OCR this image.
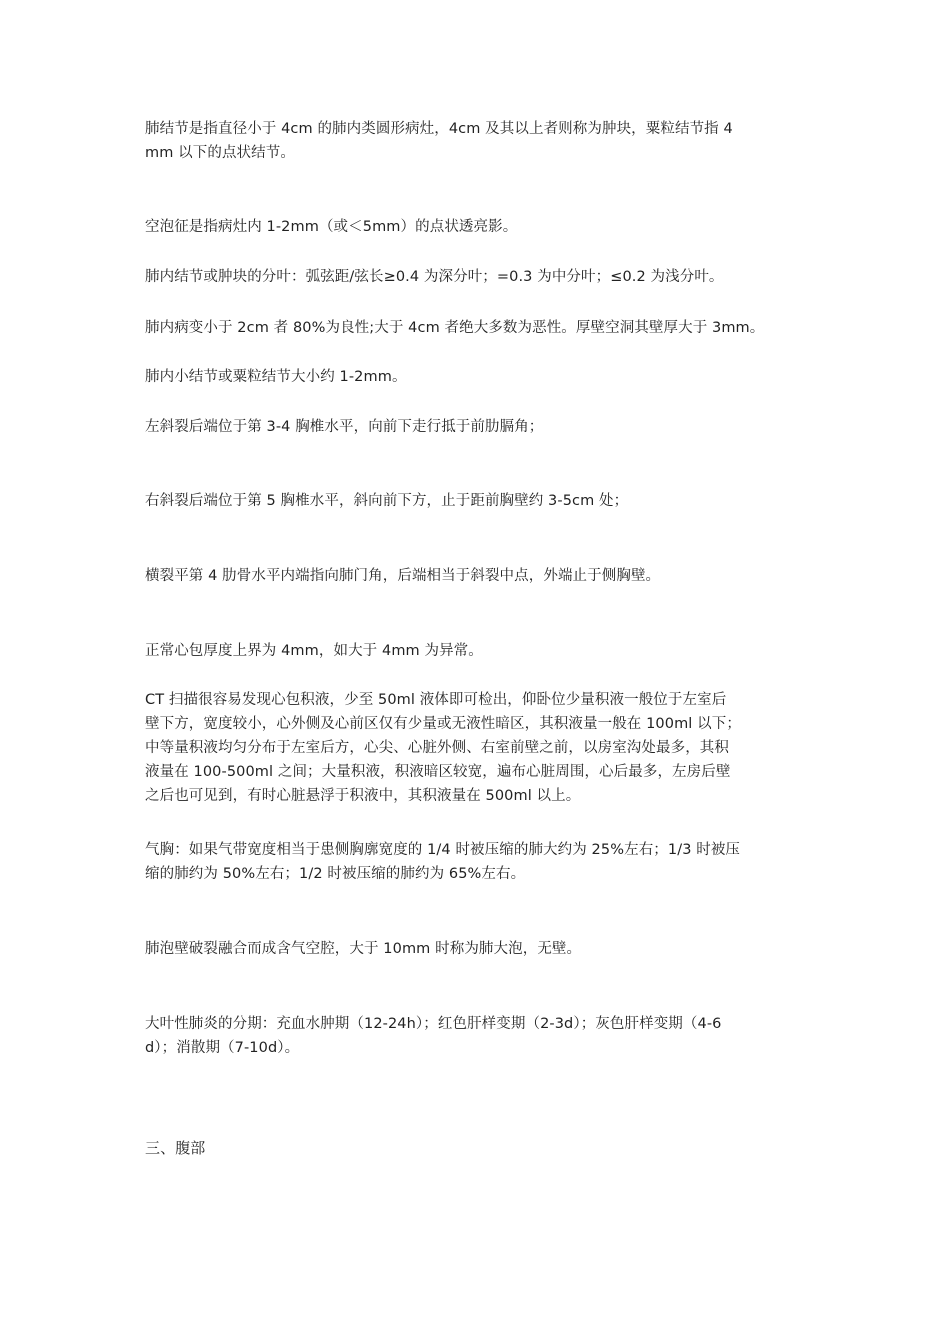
肺结节是指直径小于 4cm 的肺内类圆形病灶，4cm 及其以上者则称为肿块，粟粒结节指 4
mm 以下的点状结节。
空泡征是指病灶内 1-2mm（或＜5mm）的点状透亮影。
肺内结节或肿块的分叶：弧弦距/弦长≥0.4 为深分叶；=0.3 为中分叶；≤0.2 为浅分叶。
肺内病变小于 2cm 者 80%为良性;大于 4cm 者绝大多数为恶性。厚壁空洞其壁厚大于 3mm。
肺内小结节或粟粒结节大小约 1-2mm。
左斜裂后端位于第 3-4 胸椎水平，向前下走行抵于前肋膈角；
右斜裂后端位于第 5 胸椎水平，斜向前下方，止于距前胸壁约 3-5cm 处；
横裂平第 4 肋骨水平内端指向肺门角，后端相当于斜裂中点，外端止于侧胸壁。
正常心包厚度上界为 4mm，如大于 4mm 为异常。
CT 扫描很容易发现心包积液，少至 50ml 液体即可检出，仰卧位少量积液一般位于左室后
壁下方，宽度较小，心外侧及心前区仅有少量或无液性暗区，其积液量一般在 100ml 以下；
中等量积液均匀分布于左室后方，心尖、心脏外侧、右室前壁之前，以房室沟处最多，其积
液量在 100-500ml 之间；大量积液，积液暗区较宽，遍布心脏周围，心后最多，左房后壁
之后也可见到，有时心脏悬浮于积液中，其积液量在 500ml 以上。
气胸：如果气带宽度相当于患侧胸廓宽度的 1/4 时被压缩的肺大约为 25%左右；1/3 时被压
缩的肺约为 50%左右；1/2 时被压缩的肺约为 65%左右。
肺泡壁破裂融合而成含气空腔，大于 10mm 时称为肺大泡，无壁。
大叶性肺炎的分期：充血水肿期（12-24h）；红色肝样变期（2-3d）；灰色肝样变期（4-6
d）；消散期（7-10d）。
三、腹部
